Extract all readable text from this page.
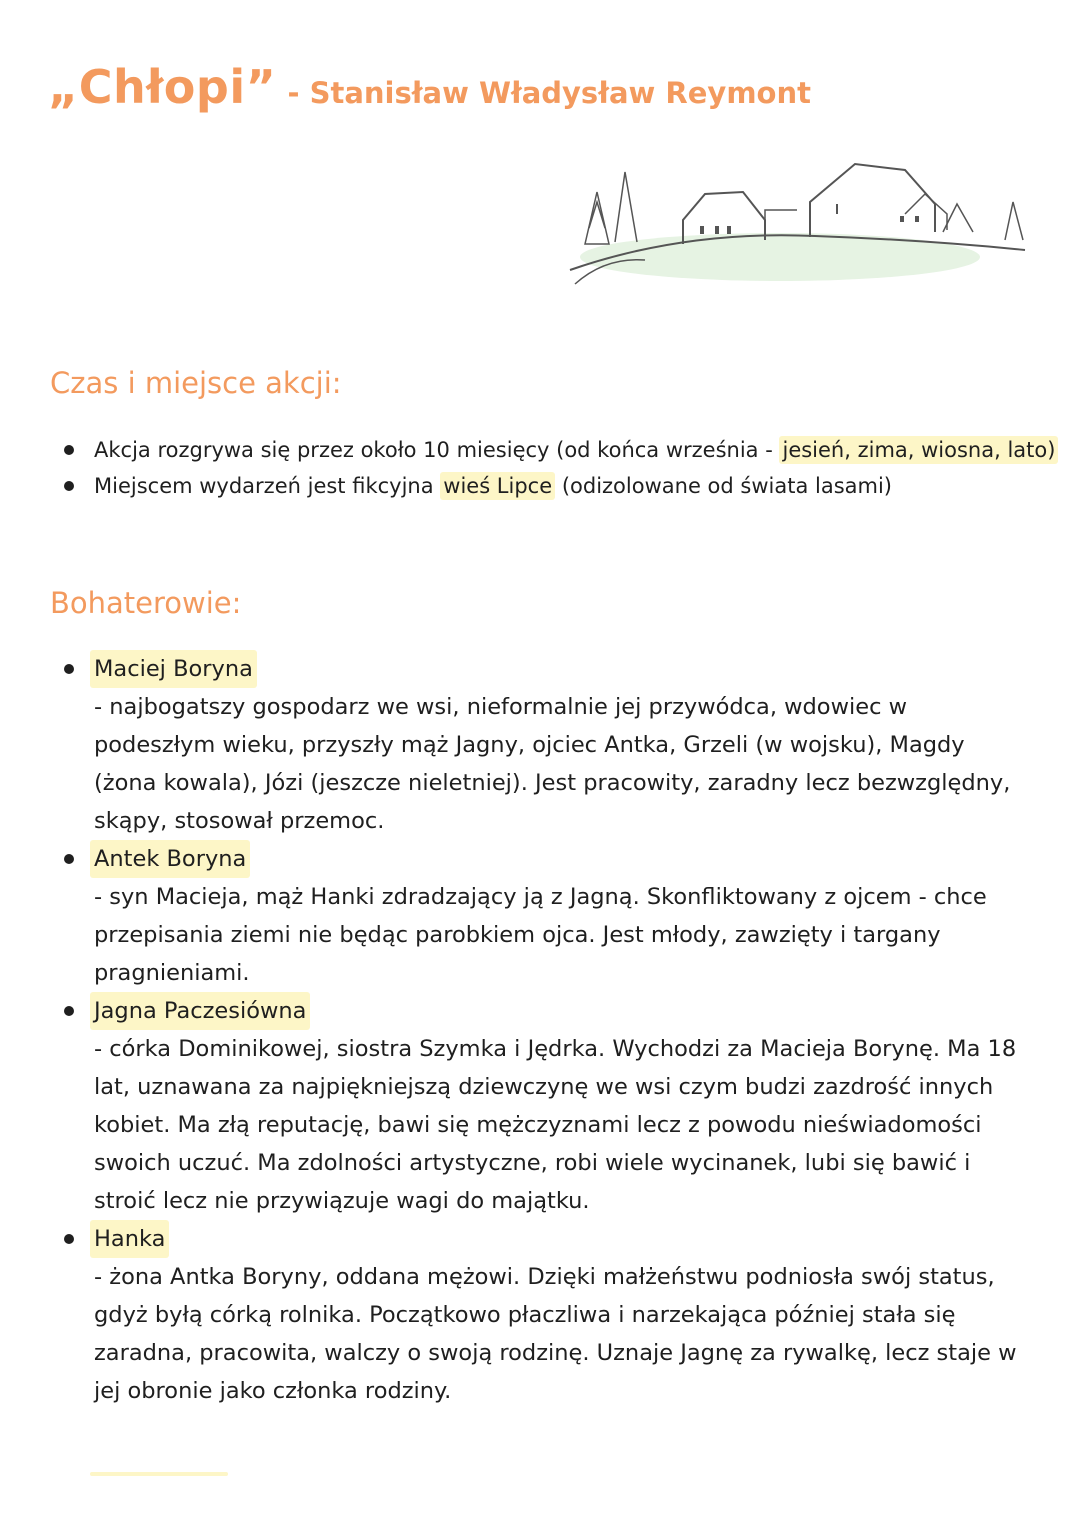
„Chłopi” - Stanisław Władysław Reymont
Czas i miejsce akcji:
Akcja rozgrywa się przez około 10 miesięcy (od końca września - jesień, zima, wiosna, lato)
Miejscem wydarzeń jest fikcyjna wieś Lipce (odizolowane od świata lasami)
Bohaterowie:
Maciej Boryna
- najbogatszy gospodarz we wsi, nieformalnie jej przywódca, wdowiec w podeszłym wieku, przyszły mąż Jagny, ojciec Antka, Grzeli (w wojsku), Magdy (żona kowala), Józi (jeszcze nieletniej). Jest pracowity, zaradny lecz bezwzględny, skąpy, stosował przemoc.
Antek Boryna
- syn Macieja, mąż Hanki zdradzający ją z Jagną. Skonfliktowany z ojcem - chce przepisania ziemi nie będąc parobkiem ojca. Jest młody, zawzięty i targany pragnieniami.
Jagna Paczesiówna
- córka Dominikowej, siostra Szymka i Jędrka. Wychodzi za Macieja Borynę. Ma 18 lat, uznawana za najpiękniejszą dziewczynę we wsi czym budzi zazdrość innych kobiet. Ma złą reputację, bawi się mężczyznami lecz z powodu nieświadomości swoich uczuć. Ma zdolności artystyczne, robi wiele wycinanek, lubi się bawić i stroić lecz nie przywiązuje wagi do majątku.
Hanka
- żona Antka Boryny, oddana mężowi. Dzięki małżeństwu podniosła swój status, gdyż byłą córką rolnika. Początkowo płaczliwa i narzekająca później stała się zaradna, pracowita, walczy o swoją rodzinę. Uznaje Jagnę za rywalkę, lecz staje w jej obronie jako członka rodziny.
